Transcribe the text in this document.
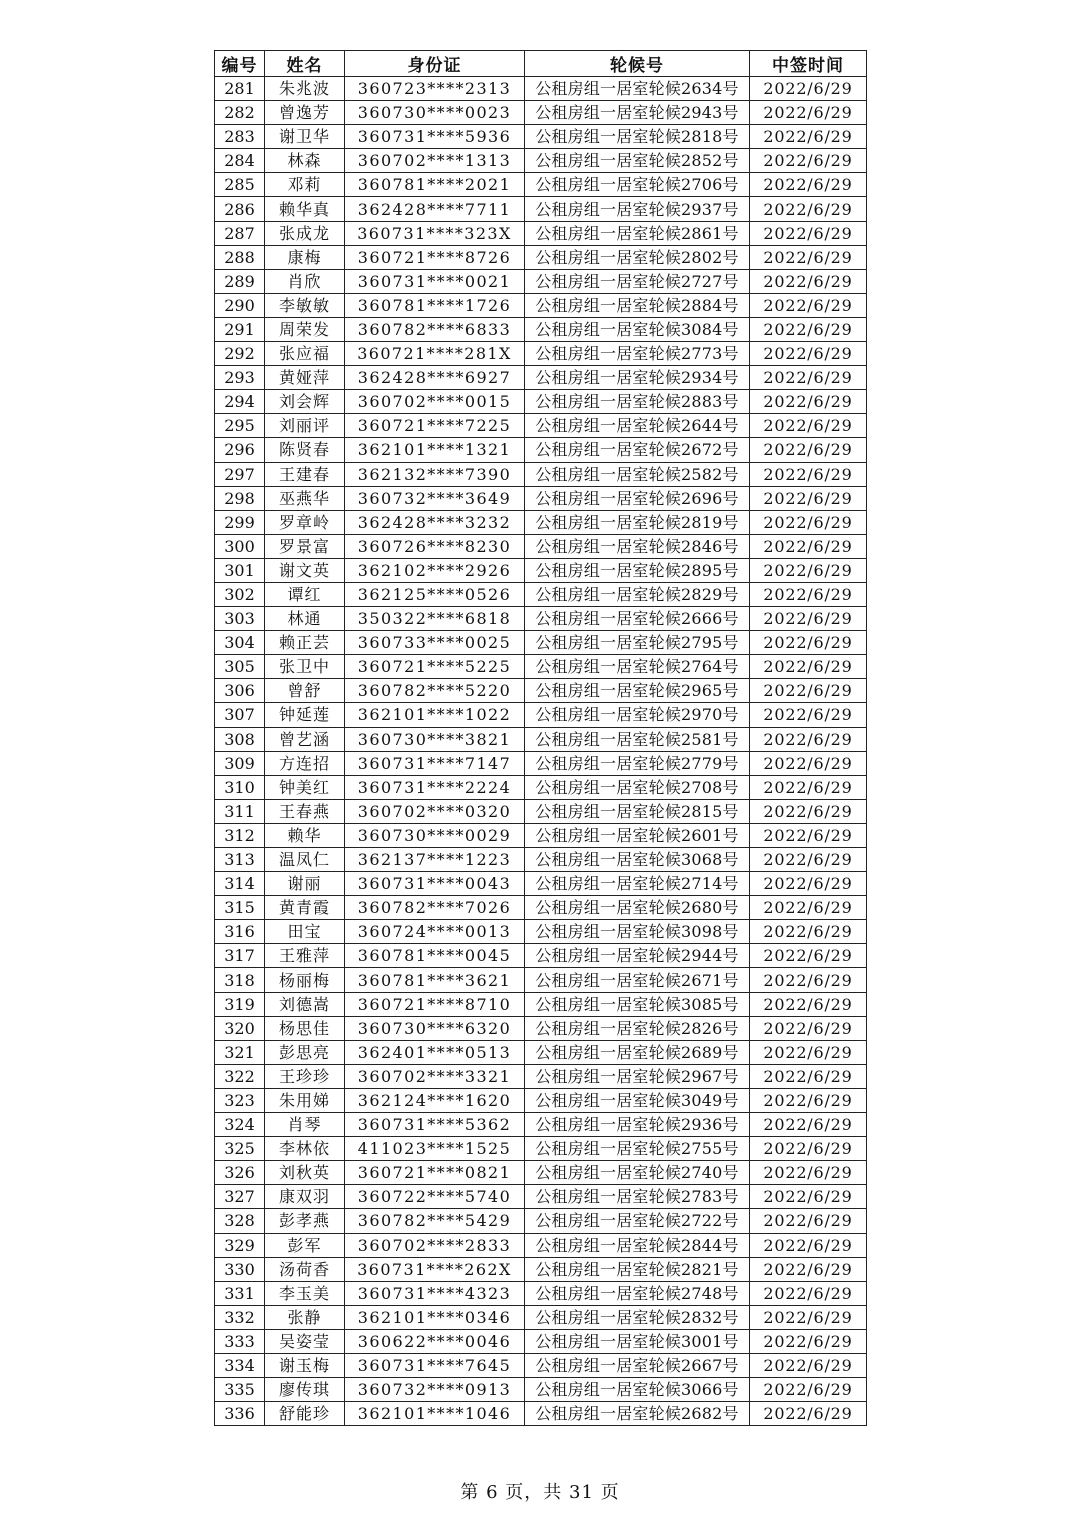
编号	姓名	身份证	轮候号	中签时间
281	朱兆波	360723****2313	公租房组一居室轮候2634号	2022/6/29
282	曾逸芳	360730****0023	公租房组一居室轮候2943号	2022/6/29
283	谢卫华	360731****5936	公租房组一居室轮候2818号	2022/6/29
284	林森	360702****1313	公租房组一居室轮候2852号	2022/6/29
285	邓莉	360781****2021	公租房组一居室轮候2706号	2022/6/29
286	赖华真	362428****7711	公租房组一居室轮候2937号	2022/6/29
287	张成龙	360731****323X	公租房组一居室轮候2861号	2022/6/29
288	康梅	360721****8726	公租房组一居室轮候2802号	2022/6/29
289	肖欣	360731****0021	公租房组一居室轮候2727号	2022/6/29
290	李敏敏	360781****1726	公租房组一居室轮候2884号	2022/6/29
291	周荣发	360782****6833	公租房组一居室轮候3084号	2022/6/29
292	张应福	360721****281X	公租房组一居室轮候2773号	2022/6/29
293	黄娅萍	362428****6927	公租房组一居室轮候2934号	2022/6/29
294	刘会辉	360702****0015	公租房组一居室轮候2883号	2022/6/29
295	刘丽评	360721****7225	公租房组一居室轮候2644号	2022/6/29
296	陈贤春	362101****1321	公租房组一居室轮候2672号	2022/6/29
297	王建春	362132****7390	公租房组一居室轮候2582号	2022/6/29
298	巫燕华	360732****3649	公租房组一居室轮候2696号	2022/6/29
299	罗章岭	362428****3232	公租房组一居室轮候2819号	2022/6/29
300	罗景富	360726****8230	公租房组一居室轮候2846号	2022/6/29
301	谢文英	362102****2926	公租房组一居室轮候2895号	2022/6/29
302	谭红	362125****0526	公租房组一居室轮候2829号	2022/6/29
303	林通	350322****6818	公租房组一居室轮候2666号	2022/6/29
304	赖正芸	360733****0025	公租房组一居室轮候2795号	2022/6/29
305	张卫中	360721****5225	公租房组一居室轮候2764号	2022/6/29
306	曾舒	360782****5220	公租房组一居室轮候2965号	2022/6/29
307	钟延莲	362101****1022	公租房组一居室轮候2970号	2022/6/29
308	曾艺涵	360730****3821	公租房组一居室轮候2581号	2022/6/29
309	方连招	360731****7147	公租房组一居室轮候2779号	2022/6/29
310	钟美红	360731****2224	公租房组一居室轮候2708号	2022/6/29
311	王春燕	360702****0320	公租房组一居室轮候2815号	2022/6/29
312	赖华	360730****0029	公租房组一居室轮候2601号	2022/6/29
313	温凤仁	362137****1223	公租房组一居室轮候3068号	2022/6/29
314	谢丽	360731****0043	公租房组一居室轮候2714号	2022/6/29
315	黄青霞	360782****7026	公租房组一居室轮候2680号	2022/6/29
316	田宝	360724****0013	公租房组一居室轮候3098号	2022/6/29
317	王雅萍	360781****0045	公租房组一居室轮候2944号	2022/6/29
318	杨丽梅	360781****3621	公租房组一居室轮候2671号	2022/6/29
319	刘德嵩	360721****8710	公租房组一居室轮候3085号	2022/6/29
320	杨思佳	360730****6320	公租房组一居室轮候2826号	2022/6/29
321	彭思亮	362401****0513	公租房组一居室轮候2689号	2022/6/29
322	王珍珍	360702****3321	公租房组一居室轮候2967号	2022/6/29
323	朱用娣	362124****1620	公租房组一居室轮候3049号	2022/6/29
324	肖琴	360731****5362	公租房组一居室轮候2936号	2022/6/29
325	李林依	411023****1525	公租房组一居室轮候2755号	2022/6/29
326	刘秋英	360721****0821	公租房组一居室轮候2740号	2022/6/29
327	康双羽	360722****5740	公租房组一居室轮候2783号	2022/6/29
328	彭孝燕	360782****5429	公租房组一居室轮候2722号	2022/6/29
329	彭军	360702****2833	公租房组一居室轮候2844号	2022/6/29
330	汤荷香	360731****262X	公租房组一居室轮候2821号	2022/6/29
331	李玉美	360731****4323	公租房组一居室轮候2748号	2022/6/29
332	张静	362101****0346	公租房组一居室轮候2832号	2022/6/29
333	吴姿莹	360622****0046	公租房组一居室轮候3001号	2022/6/29
334	谢玉梅	360731****7645	公租房组一居室轮候2667号	2022/6/29
335	廖传琪	360732****0913	公租房组一居室轮候3066号	2022/6/29
336	舒能珍	362101****1046	公租房组一居室轮候2682号	2022/6/29
第 6 页，共 31 页
